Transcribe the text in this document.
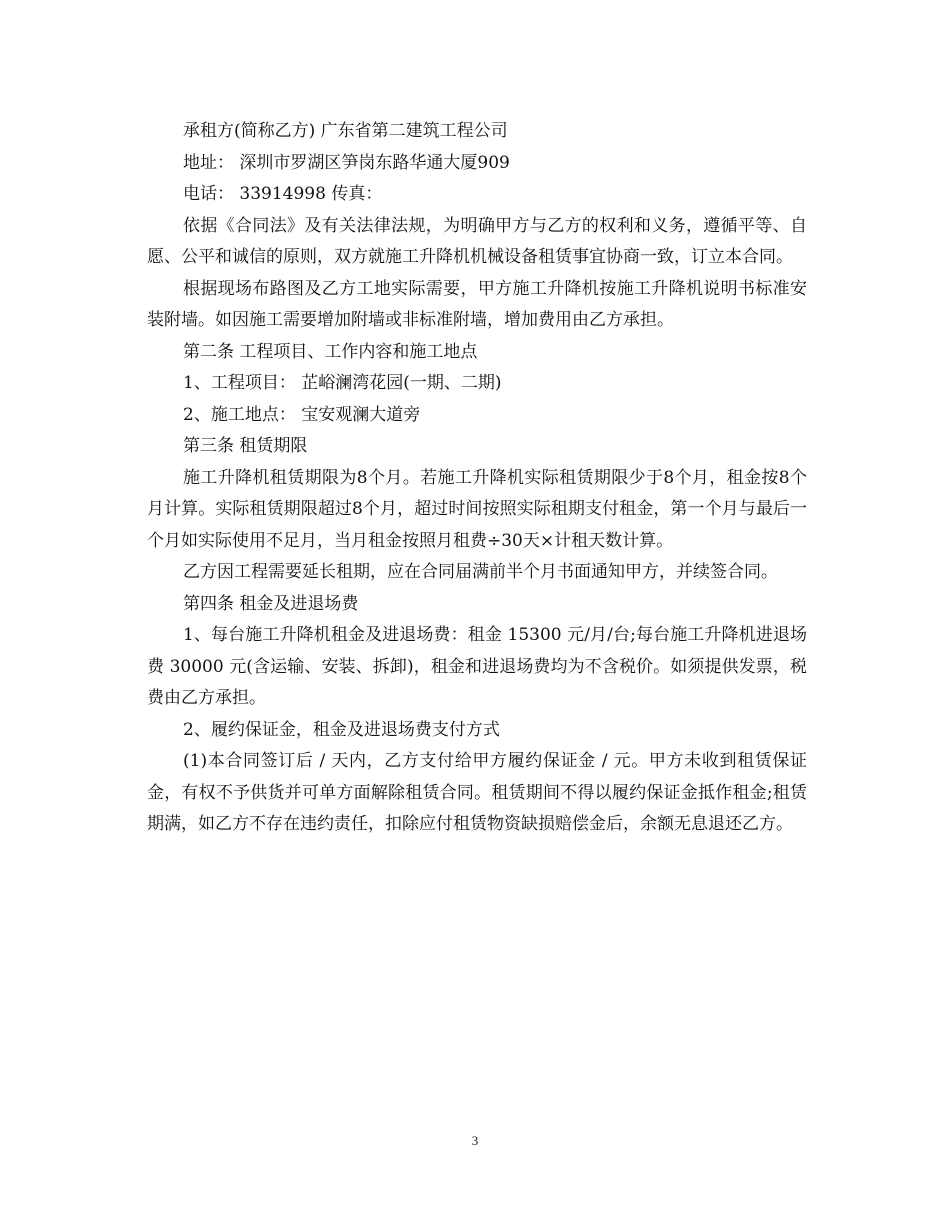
承租方(简称乙方) 广东省第二建筑工程公司

地址： 深圳市罗湖区笋岗东路华通大厦909

电话： 33914998 传真：

依据《合同法》及有关法律法规，为明确甲方与乙方的权利和义务，遵循平等、自愿、公平和诚信的原则，双方就施工升降机机械设备租赁事宜协商一致，订立本合同。

根据现场布路图及乙方工地实际需要，甲方施工升降机按施工升降机说明书标准安装附墙。如因施工需要增加附墙或非标准附墙，增加费用由乙方承担。

第二条 工程项目、工作内容和施工地点

1、工程项目： 芷峪澜湾花园(一期、二期)

2、施工地点： 宝安观澜大道旁

第三条 租赁期限

施工升降机租赁期限为8个月。若施工升降机实际租赁期限少于8个月，租金按8个月计算。实际租赁期限超过8个月，超过时间按照实际租期支付租金，第一个月与最后一个月如实际使用不足月，当月租金按照月租费÷30天×计租天数计算。

乙方因工程需要延长租期，应在合同届满前半个月书面通知甲方，并续签合同。

第四条 租金及进退场费

1、每台施工升降机租金及进退场费：租金 15300 元/月/台;每台施工升降机进退场费 30000 元(含运输、安装、拆卸)，租金和进退场费均为不含税价。如须提供发票，税费由乙方承担。

2、履约保证金，租金及进退场费支付方式

(1)本合同签订后 / 天内，乙方支付给甲方履约保证金 / 元。甲方未收到租赁保证金，有权不予供货并可单方面解除租赁合同。租赁期间不得以履约保证金抵作租金;租赁期满，如乙方不存在违约责任，扣除应付租赁物资缺损赔偿金后，余额无息退还乙方。

3
